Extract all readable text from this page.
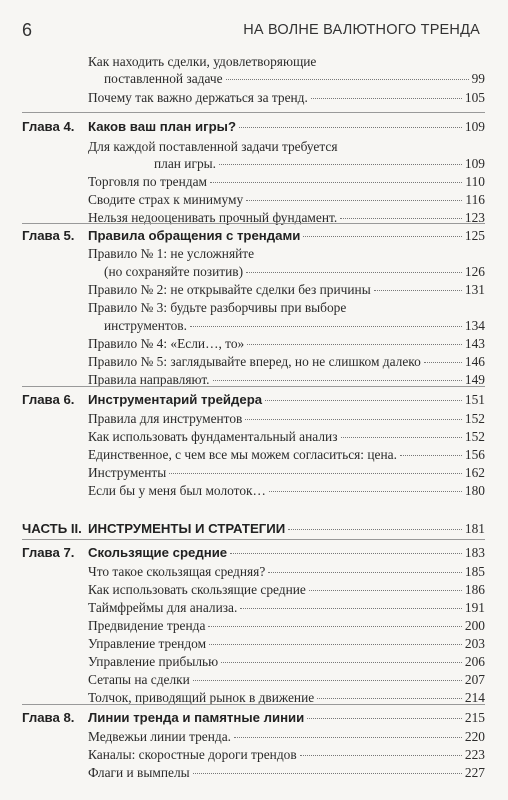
6	НА ВОЛНЕ ВАЛЮТНОГО ТРЕНДА
Как находить сделки, удовлетворяющие
поставленной задаче	99
Почему так важно держаться за тренд.	105
Глава 4. Каков ваш план игры?	109
Для каждой поставленной задачи требуется
план игры.	109
Торговля по трендам	110
Сводите страх к минимуму	116
Нельзя недооценивать прочный фундамент.	123
Глава 5. Правила обращения с трендами	125
Правило № 1: не усложняйте
(но сохраняйте позитив)	126
Правило № 2: не открывайте сделки без причины	131
Правило № 3: будьте разборчивы при выборе
инструментов.	134
Правило № 4: «Если…, то»	143
Правило № 5: заглядывайте вперед, но не слишком далеко	146
Правила направляют.	149
Глава 6. Инструментарий трейдера	151
Правила для инструментов	152
Как использовать фундаментальный анализ	152
Единственное, с чем все мы можем согласиться: цена.	156
Инструменты	162
Если бы у меня был молоток…	180
ЧАСТЬ II. ИНСТРУМЕНТЫ И СТРАТЕГИИ	181
Глава 7. Скользящие средние	183
Что такое скользящая средняя?	185
Как использовать скользящие средние	186
Таймфреймы для анализа.	191
Предвидение тренда	200
Управление трендом	203
Управление прибылью	206
Сетапы на сделки	207
Толчок, приводящий рынок в движение	214
Глава 8. Линии тренда и памятные линии	215
Медвежьи линии тренда.	220
Каналы: скоростные дороги трендов	223
Флаги и вымпелы	227
